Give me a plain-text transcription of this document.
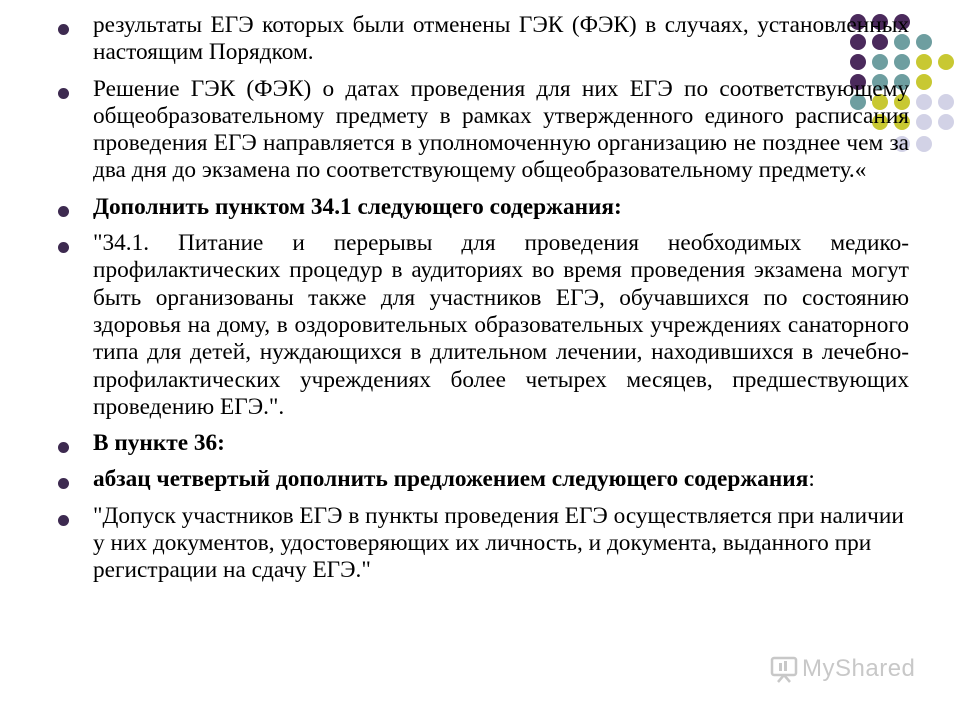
результаты ЕГЭ которых были отменены ГЭК (ФЭК) в случаях, установленных настоящим Порядком.

Решение ГЭК (ФЭК) о датах проведения для них ЕГЭ по соответствующему общеобразовательному предмету в рамках утвержденного единого расписания проведения ЕГЭ направляется в уполномоченную организацию не позднее чем за два дня до экзамена по соответствующему общеобразовательному предмету.«

Дополнить пунктом 34.1 следующего содержания:

"34.1. Питание и перерывы для проведения необходимых медико-профилактических процедур в аудиториях во время проведения экзамена могут быть организованы также для участников ЕГЭ, обучавшихся по состоянию здоровья на дому, в оздоровительных образовательных учреждениях санаторного типа для детей, нуждающихся в длительном лечении, находившихся в лечебно-профилактических учреждениях более четырех месяцев, предшествующих проведению ЕГЭ.".

В пункте 36:

абзац четвертый дополнить предложением следующего содержания:

"Допуск участников ЕГЭ в пункты проведения ЕГЭ осуществляется при наличии у них документов, удостоверяющих их личность, и документа, выданного при регистрации на сдачу ЕГЭ."

MyShared
